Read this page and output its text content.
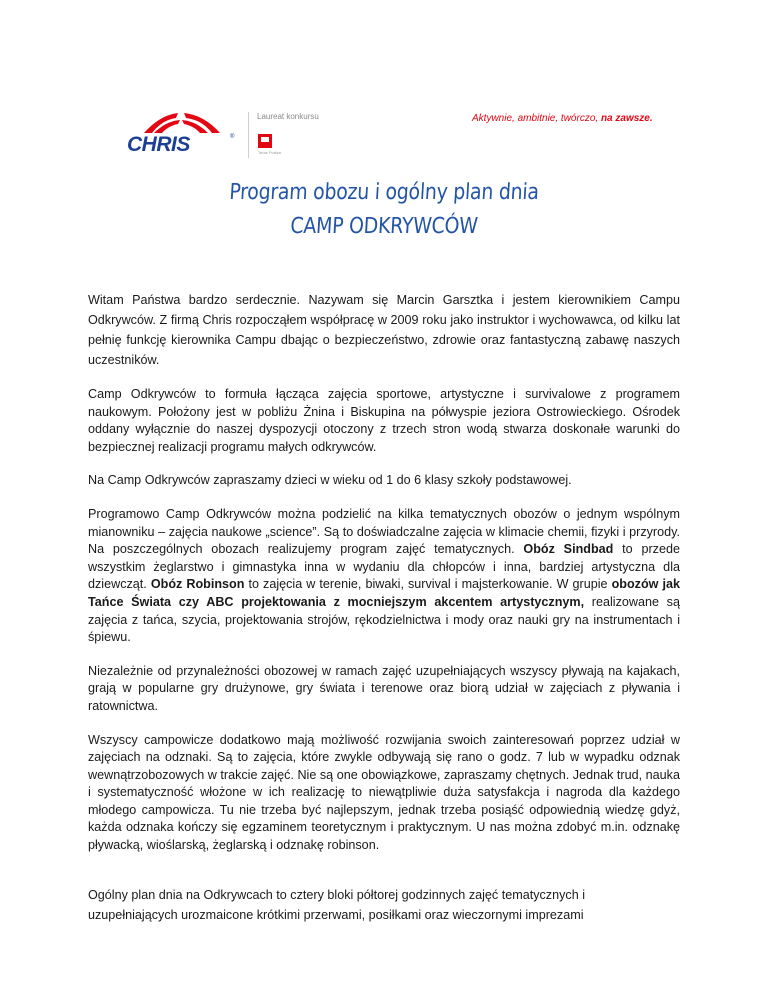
CHRIS	®
Laureat konkursu
Teraz Polska
Aktywnie, ambitnie, twórczo, na zawsze.
Program obozu i ogólny plan dnia
CAMP ODKRYWCÓW

Witam Państwa bardzo serdecznie. Nazywam się Marcin Garsztka i jestem kierownikiem Campu Odkrywców. Z firmą Chris rozpocząłem współpracę w 2009 roku jako instruktor i wychowawca, od kilku lat pełnię funkcję kierownika Campu dbając o bezpieczeństwo, zdrowie oraz fantastyczną zabawę naszych uczestników.

Camp Odkrywców to formuła łącząca zajęcia sportowe, artystyczne i survivalowe z programem naukowym. Położony jest w pobliżu Żnina i Biskupina na półwyspie jeziora Ostrowieckiego. Ośrodek oddany wyłącznie do naszej dyspozycji otoczony z trzech stron wodą stwarza doskonałe warunki do bezpiecznej realizacji programu małych odkrywców.

Na Camp Odkrywców zapraszamy dzieci w wieku od 1 do 6 klasy szkoły podstawowej.

Programowo Camp Odkrywców można podzielić na kilka tematycznych obozów o jednym wspólnym mianowniku – zajęcia naukowe „science”. Są to doświadczalne zajęcia w klimacie chemii, fizyki i przyrody. Na poszczególnych obozach realizujemy program zajęć tematycznych. Obóz Sindbad to przede wszystkim żeglarstwo i gimnastyka inna w wydaniu dla chłopców i inna, bardziej artystyczna dla dziewcząt. Obóz Robinson to zajęcia w terenie, biwaki, survival i majsterkowanie. W grupie obozów jak Tańce Świata czy ABC projektowania z mocniejszym akcentem artystycznym, realizowane są zajęcia z tańca, szycia, projektowania strojów, rękodzielnictwa i mody oraz nauki gry na instrumentach i śpiewu.

Niezależnie od przynależności obozowej w ramach zajęć uzupełniających wszyscy pływają na kajakach, grają w popularne gry drużynowe, gry świata i terenowe oraz biorą udział w zajęciach z pływania i ratownictwa.

Wszyscy campowicze dodatkowo mają możliwość rozwijania swoich zainteresowań poprzez udział w zajęciach na odznaki. Są to zajęcia, które zwykle odbywają się rano o godz. 7 lub w wypadku odznak wewnątrzobozowych w trakcie zajęć. Nie są one obowiązkowe, zapraszamy chętnych. Jednak trud, nauka i systematyczność włożone w ich realizację to niewątpliwie duża satysfakcja i nagroda dla każdego młodego campowicza. Tu nie trzeba być najlepszym, jednak trzeba posiąść odpowiednią wiedzę gdyż, każda odznaka kończy się egzaminem teoretycznym i praktycznym. U nas można zdobyć m.in. odznakę pływacką, wioślarską, żeglarską i odznakę robinson.

Ogólny plan dnia na Odkrywcach to cztery bloki półtorej godzinnych zajęć tematycznych i
uzupełniających urozmaicone krótkimi przerwami, posiłkami oraz wieczornymi imprezami
